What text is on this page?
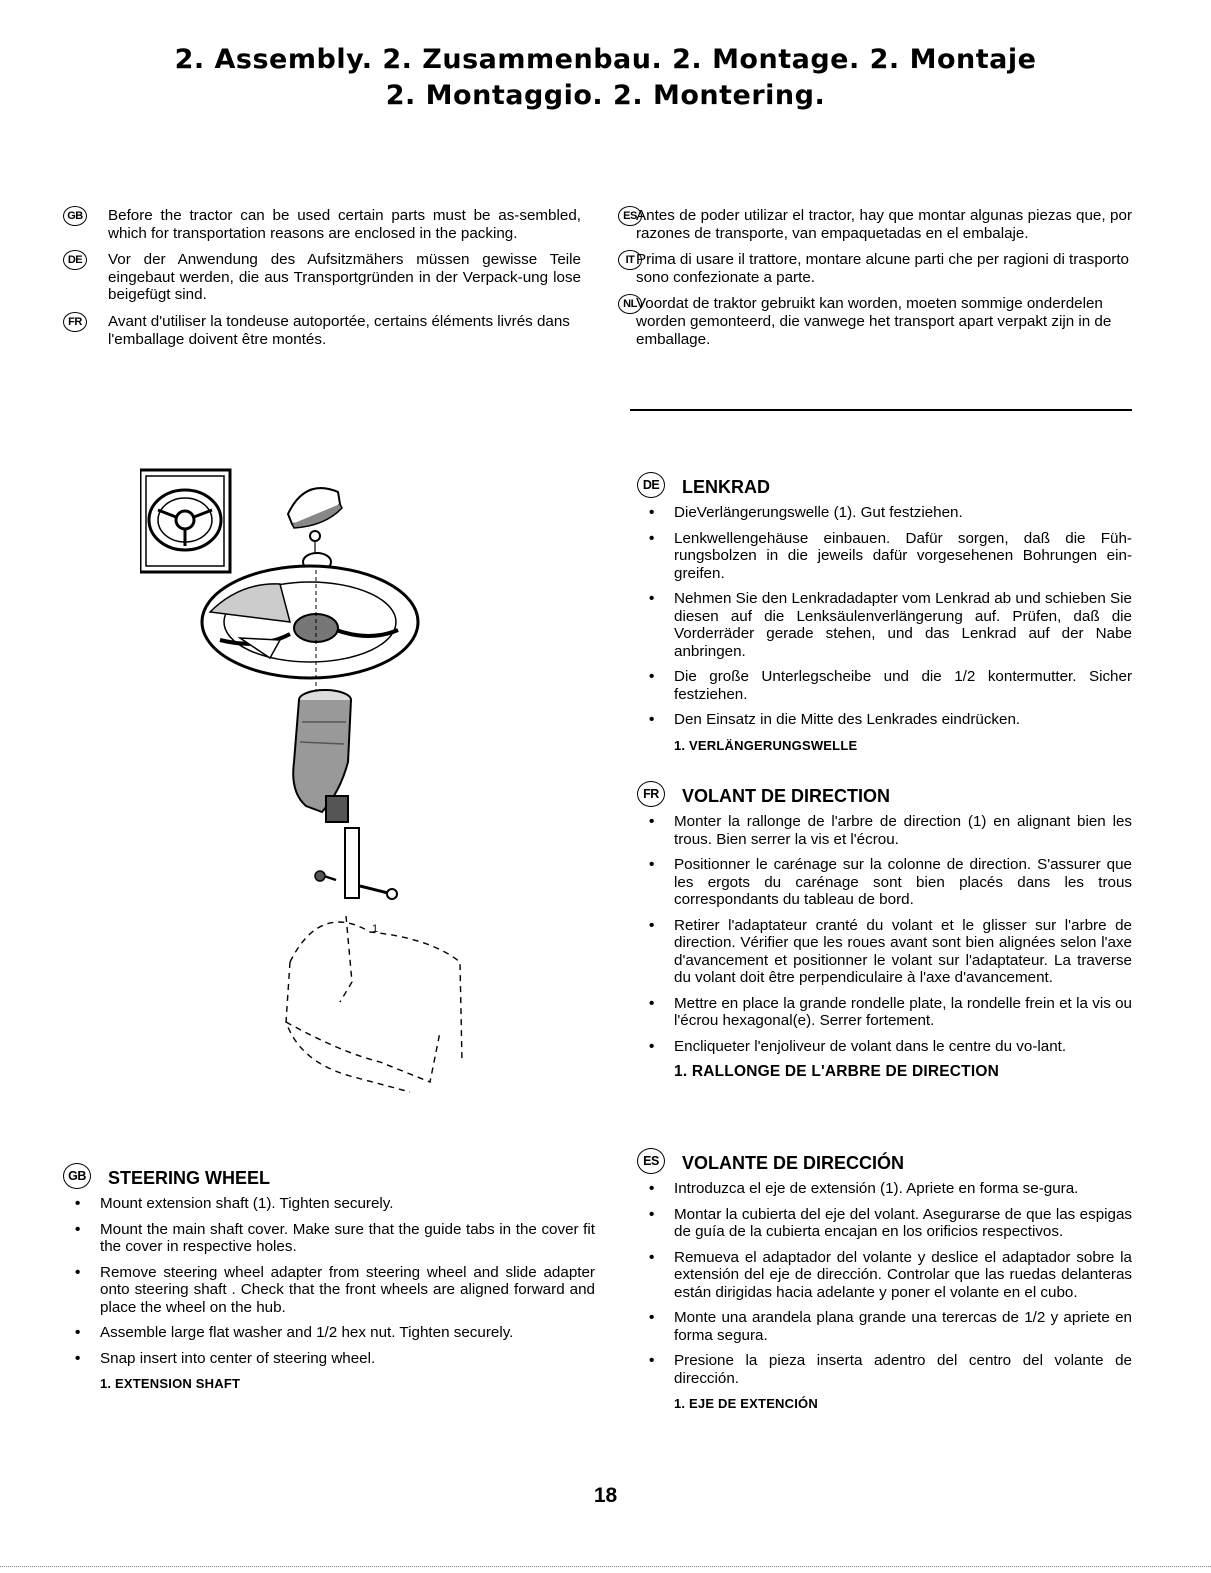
2. Assembly. 2. Zusammenbau. 2. Montage. 2. Montaje
2. Montaggio. 2. Montering.
GB Before the tractor can be used certain parts must be as-sembled, which for transportation reasons are enclosed in the packing.
DE	Vor der Anwendung des Aufsitzmähers müssen gewisse Teile eingebaut werden, die aus Transportgründen in der Verpack-ung lose beigefügt sind.
FR	Avant d'utiliser la tondeuse autoportée, certains éléments livrés dans l'emballage doivent être montés.
ES Antes de poder utilizar el tractor, hay que montar algunas piezas que, por razones de transporte, van empaquetadas en el embalaje.
IT Prima di usare il trattore, montare alcune parti che per ragioni di trasporto sono confezionate a parte.
NL Voordat de traktor gebruikt kan worden, moeten sommige onderdelen worden gemonteerd, die vanwege het transport apart verpakt zijn in de emballage.
1
DE	LENKRAD
• DieVerlängerungswelle (1). Gut festziehen.
• Lenkwellengehäuse einbauen. Dafür sorgen, daß die Füh-rungsbolzen in die jeweils dafür vorgesehenen Bohrungen ein- greifen.
• Nehmen Sie den Lenkradadapter vom Lenkrad ab und schieben Sie diesen auf die Lenksäulenverlängerung auf. Prüfen, daß die Vorderräder gerade stehen, und das Lenkrad auf der Nabe anbringen.
• Die große Unterlegscheibe und die 1/2 kontermutter. Sicher festziehen.
• Den Einsatz in die Mitte des Lenkrades eindrücken.
1. VERLÄNGERUNGSWELLE
FR	VOLANT DE DIRECTION
• Monter la rallonge de l'arbre de direction (1) en alignant bien les trous. Bien serrer la vis et l'écrou.
• Positionner le carénage sur la colonne de direction. S'assurer que les ergots du carénage sont bien placés dans les trous correspondants du tableau de bord.
• Retirer l'adaptateur cranté du volant et le glisser sur l'arbre de direction. Vérifier que les roues avant sont bien alignées selon l'axe d'avancement et positionner le volant sur l'adaptateur. La traverse du volant doit être perpendiculaire à l'axe d'avancement.
• Mettre en place la grande rondelle plate, la rondelle frein et la vis ou l'écrou hexagonal(e). Serrer fortement.
• Encliqueter l'enjoliveur de volant dans le centre du vo-lant.
1. RALLONGE DE L'ARBRE DE DIRECTION
ES	VOLANTE DE DIRECCIÓN
• Introduzca el eje de extensión (1). Apriete en forma se-gura.
• Montar la cubierta del eje del volant. Asegurarse de que las espigas de guía de la cubierta encajan en los orificios respectivos.
• Remueva el adaptador del volante y deslice el adaptador sobre la extensión del eje de dirección. Controlar que las ruedas delanteras están dirigidas hacia adelante y poner el volante en el cubo.
• Monte una arandela plana grande una terercas de 1/2 y apriete en forma segura.
• Presione la pieza inserta adentro del centro del volante de dirección.
1. EJE DE EXTENCIÓN
GB STEERING WHEEL
• Mount extension shaft (1). Tighten securely.
• Mount the main shaft cover. Make sure that the guide tabs in the cover fit the cover in respective holes.
• Remove steering wheel adapter from steering wheel and slide adapter onto steering shaft . Check that the front wheels are aligned forward and place the wheel on the hub.
• Assemble large flat washer and 1/2 hex nut. Tighten securely.
• Snap insert into center of steering wheel.
1. EXTENSION SHAFT
18
